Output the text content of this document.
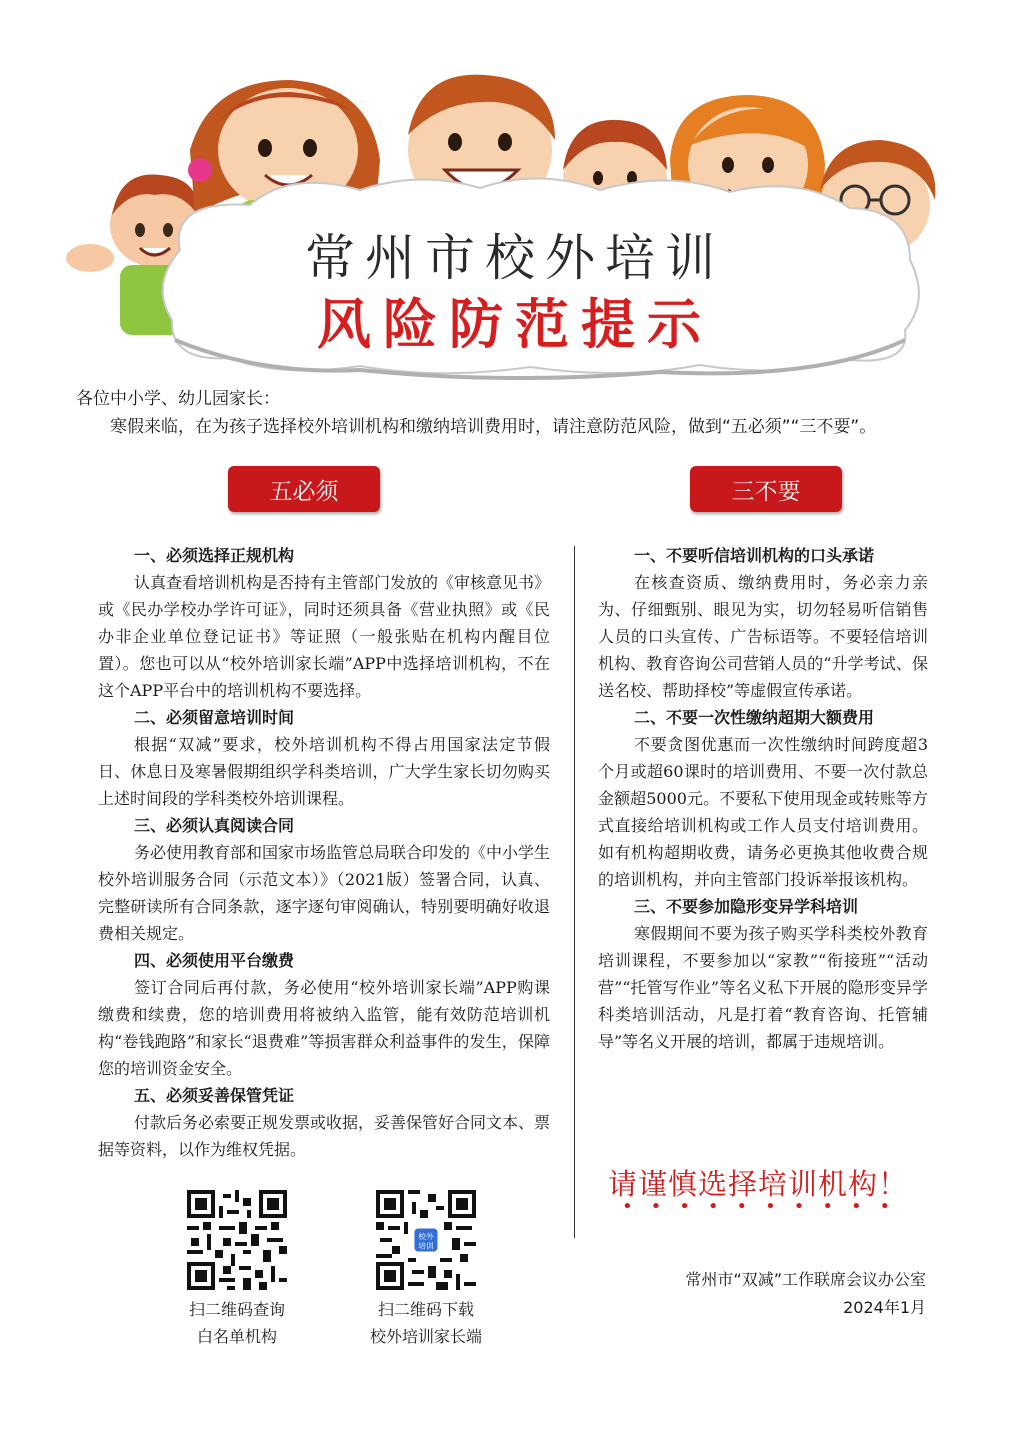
常州市校外培训
风险防范提示
各位中小学、幼儿园家长：
寒假来临，在为孩子选择校外培训机构和缴纳培训费用时，请注意防范风险，做到“五必须”“三不要”。
五必须	三不要
一、必须选择正规机构

认真查看培训机构是否持有主管部门发放的《审核意见书》或《民办学校办学许可证》，同时还须具备《营业执照》或《民办非企业单位登记证书》等证照（一般张贴在机构内醒目位置）。您也可以从“校外培训家长端”APP中选择培训机构，不在这个APP平台中的培训机构不要选择。

二、必须留意培训时间

根据“双减”要求，校外培训机构不得占用国家法定节假日、休息日及寒暑假期组织学科类培训，广大学生家长切勿购买上述时间段的学科类校外培训课程。

三、必须认真阅读合同

务必使用教育部和国家市场监管总局联合印发的《中小学生校外培训服务合同（示范文本）》（2021版）签署合同，认真、完整研读所有合同条款，逐字逐句审阅确认，特别要明确好收退费相关规定。

四、必须使用平台缴费

签订合同后再付款，务必使用“校外培训家长端”APP购课缴费和续费，您的培训费用将被纳入监管，能有效防范培训机构“卷钱跑路”和家长“退费难”等损害群众利益事件的发生，保障您的培训资金安全。

五、必须妥善保管凭证

付款后务必索要正规发票或收据，妥善保管好合同文本、票据等资料，以作为维权凭据。

一、不要听信培训机构的口头承诺

在核查资质、缴纳费用时，务必亲力亲为、仔细甄别、眼见为实，切勿轻易听信销售人员的口头宣传、广告标语等。不要轻信培训机构、教育咨询公司营销人员的“升学考试、保送名校、帮助择校”等虚假宣传承诺。

二、不要一次性缴纳超期大额费用

不要贪图优惠而一次性缴纳时间跨度超3个月或超60课时的培训费用、不要一次付款总金额超5000元。不要私下使用现金或转账等方式直接给培训机构或工作人员支付培训费用。如有机构超期收费，请务必更换其他收费合规的培训机构，并向主管部门投诉举报该机构。

三、不要参加隐形变异学科培训

寒假期间不要为孩子购买学科类校外教育培训课程，不要参加以“家教”“衔接班”“活动营”“托管写作业”等名义私下开展的隐形变异学科类培训活动，凡是打着“教育咨询、托管辅导”等名义开展的培训，都属于违规培训。

请谨慎选择培训机构！
••••••••••
校外
培训
扫二维码查询
白名单机构
扫二维码下载
校外培训家长端
常州市“双减”工作联席会议办公室
2024年1月
